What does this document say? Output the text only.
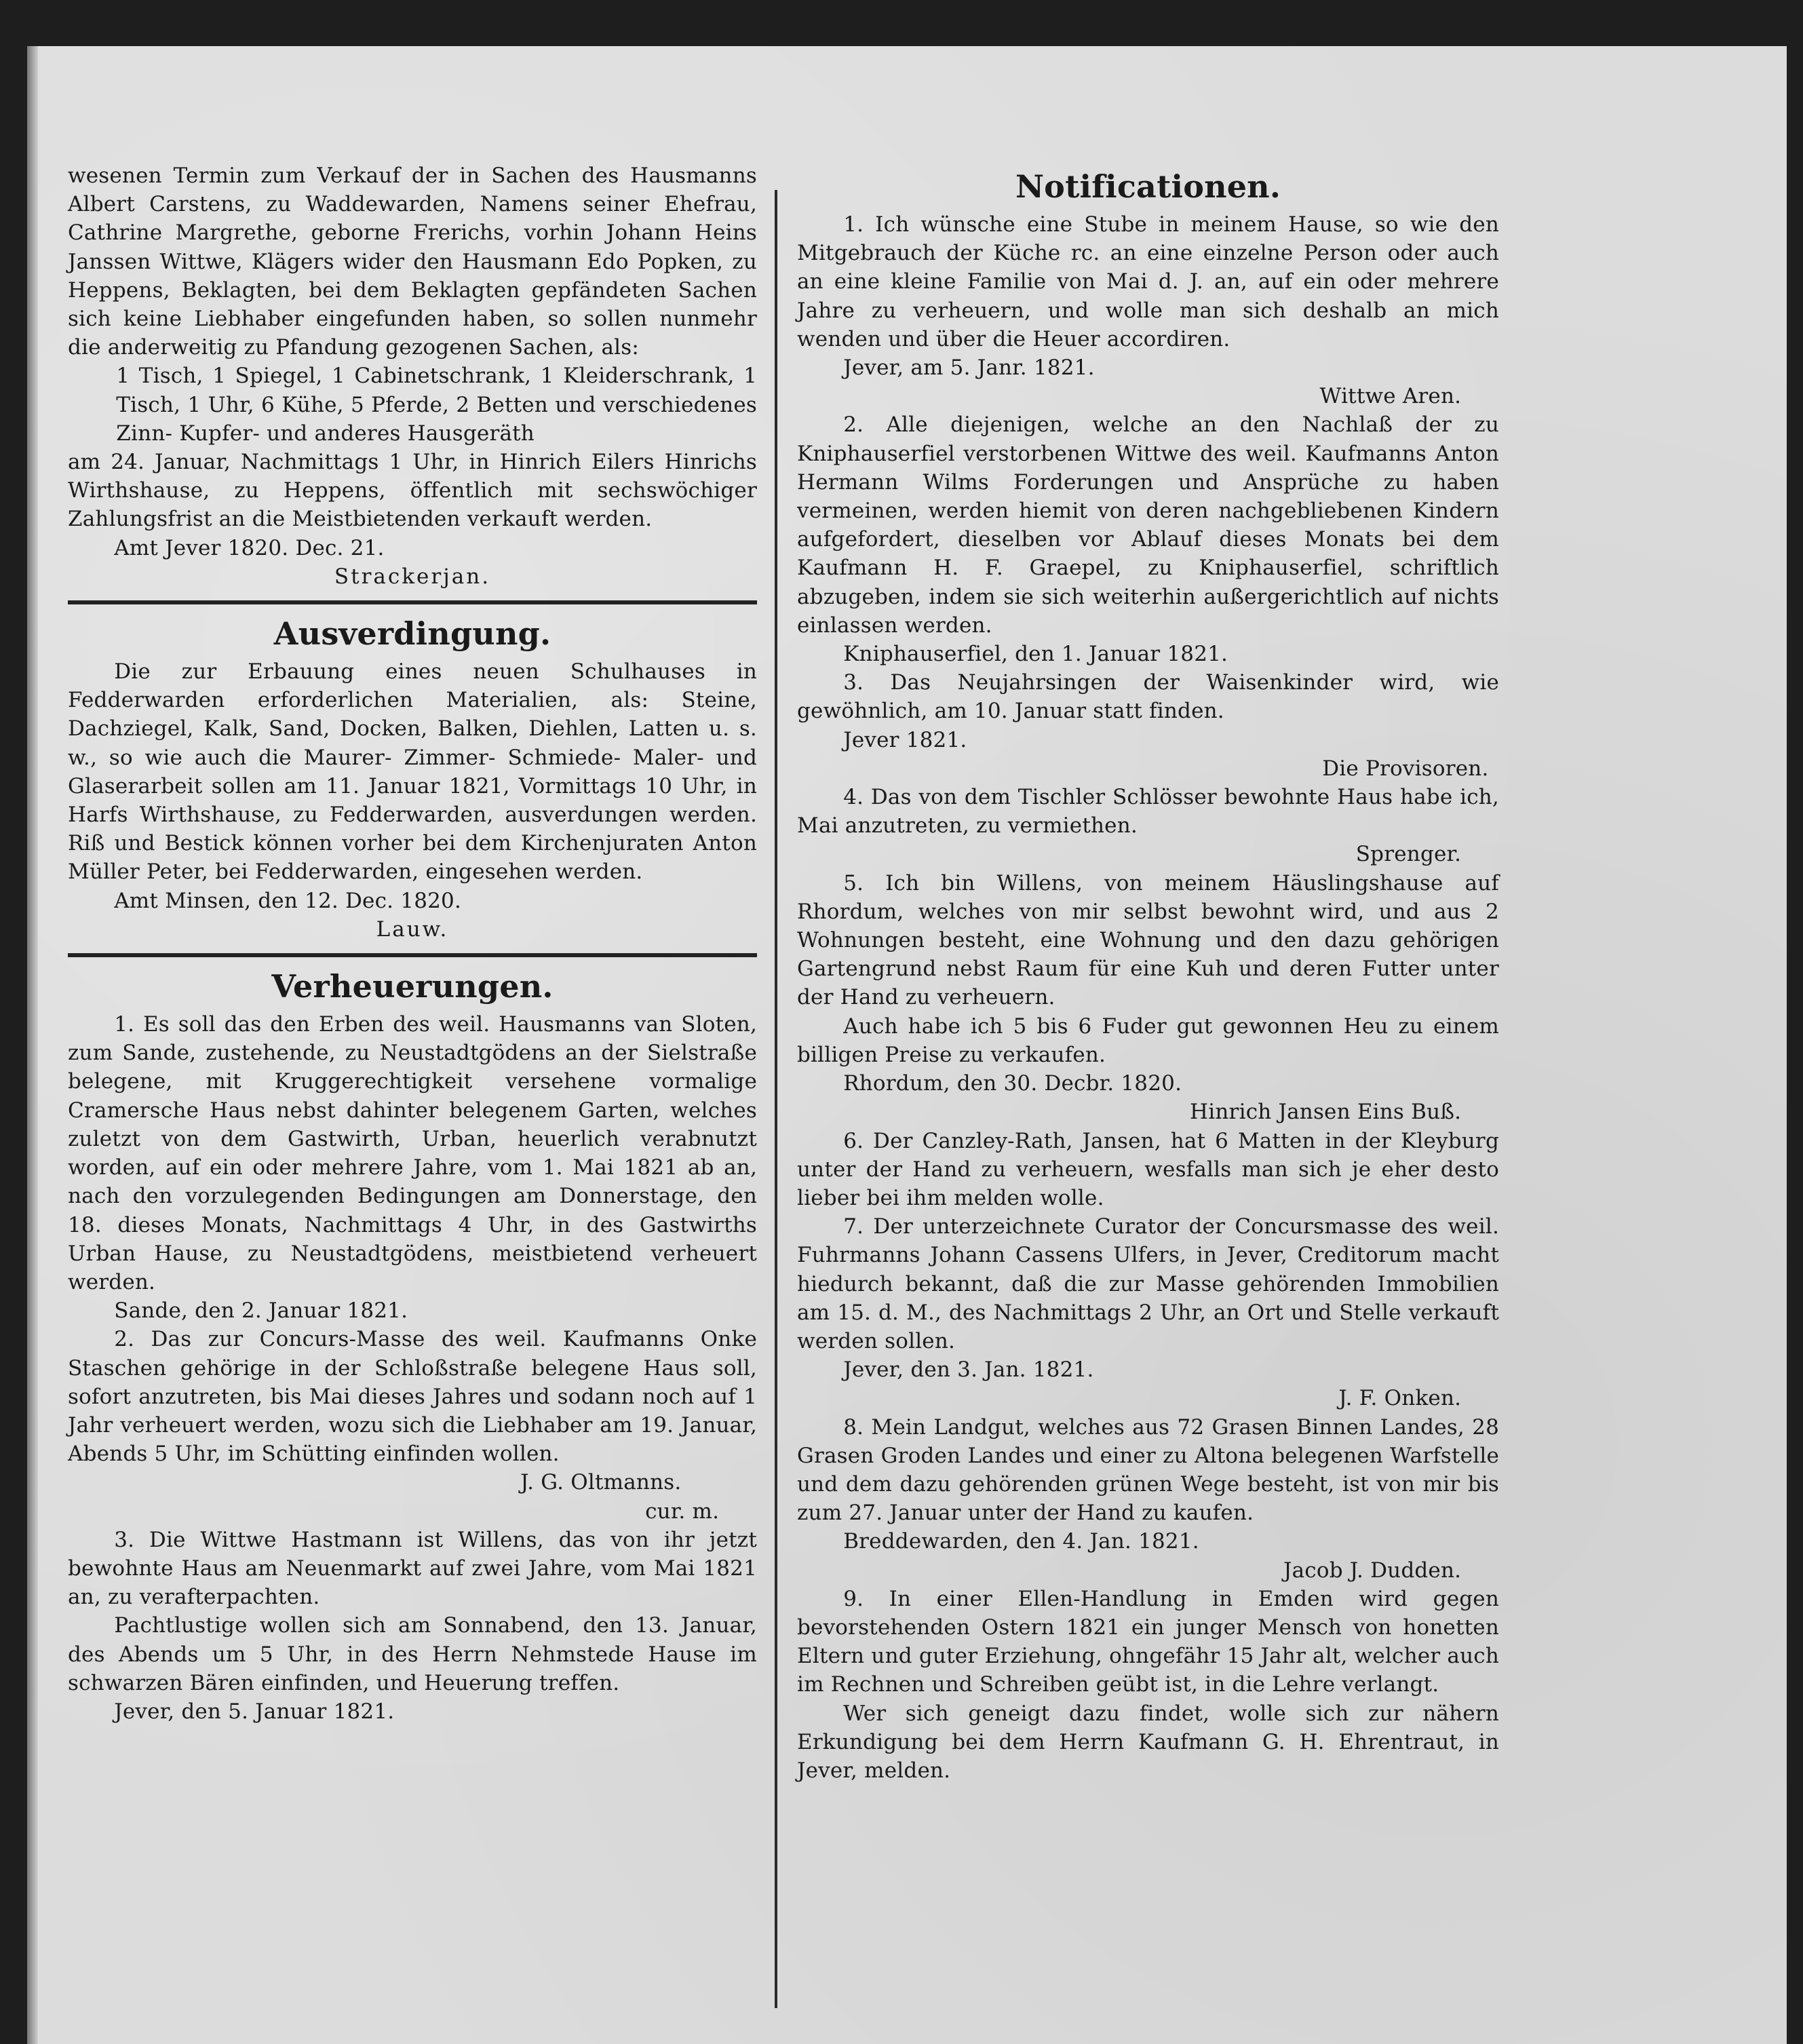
wesenen Termin zum Verkauf der in Sachen des Hausmanns Albert Carstens, zu Waddewarden, Namens seiner Ehefrau, Cathrine Margrethe, geborne Frerichs, vorhin Johann Heins Janssen Wittwe, Klägers wider den Hausmann Edo Popken, zu Heppens, Beklagten, bei dem Beklagten gepfändeten Sachen sich keine Liebhaber eingefunden haben, so sollen nunmehr die anderweitig zu Pfandung gezogenen Sachen, als:

1 Tisch, 1 Spiegel, 1 Cabinetschrank, 1 Kleiderschrank, 1 Tisch, 1 Uhr, 6 Kühe, 5 Pferde, 2 Betten und verschiedenes Zinn- Kupfer- und anderes Hausgeräth

am 24. Januar, Nachmittags 1 Uhr, in Hinrich Eilers Hinrichs Wirthshause, zu Heppens, öffentlich mit sechswöchiger Zahlungsfrist an die Meistbietenden verkauft werden.

Amt Jever 1820. Dec. 21.

Strackerjan.

Ausverdingung.

Die zur Erbauung eines neuen Schulhauses in Fedderwarden erforderlichen Materialien, als: Steine, Dachziegel, Kalk, Sand, Docken, Balken, Diehlen, Latten u. s. w., so wie auch die Maurer- Zimmer- Schmiede- Maler- und Glaserarbeit sollen am 11. Januar 1821, Vormittags 10 Uhr, in Harfs Wirthshause, zu Fedderwarden, ausverdungen werden. Riß und Bestick können vorher bei dem Kirchenjuraten Anton Müller Peter, bei Fedderwarden, eingesehen werden.

Amt Minsen, den 12. Dec. 1820.

Lauw.

Verheuerungen.

1. Es soll das den Erben des weil. Hausmanns van Sloten, zum Sande, zustehende, zu Neustadtgödens an der Sielstraße belegene, mit Kruggerechtigkeit versehene vormalige Cramersche Haus nebst dahinter belegenem Garten, welches zuletzt von dem Gastwirth, Urban, heuerlich verabnutzt worden, auf ein oder mehrere Jahre, vom 1. Mai 1821 ab an, nach den vorzulegenden Bedingungen am Donnerstage, den 18. dieses Monats, Nachmittags 4 Uhr, in des Gastwirths Urban Hause, zu Neustadtgödens, meistbietend verheuert werden.

Sande, den 2. Januar 1821.

2. Das zur Concurs-Masse des weil. Kaufmanns Onke Staschen gehörige in der Schloßstraße belegene Haus soll, sofort anzutreten, bis Mai dieses Jahres und sodann noch auf 1 Jahr verheuert werden, wozu sich die Liebhaber am 19. Januar, Abends 5 Uhr, im Schütting einfinden wollen.

J. G. Oltmanns.

cur. m.

3. Die Wittwe Hastmann ist Willens, das von ihr jetzt bewohnte Haus am Neuenmarkt auf zwei Jahre, vom Mai 1821 an, zu verafterpachten.

Pachtlustige wollen sich am Sonnabend, den 13. Januar, des Abends um 5 Uhr, in des Herrn Nehmstede Hause im schwarzen Bären einfinden, und Heuerung treffen.

Jever, den 5. Januar 1821.

Notificationen.

1. Ich wünsche eine Stube in meinem Hause, so wie den Mitgebrauch der Küche rc. an eine einzelne Person oder auch an eine kleine Familie von Mai d. J. an, auf ein oder mehrere Jahre zu verheuern, und wolle man sich deshalb an mich wenden und über die Heuer accordiren.

Jever, am 5. Janr. 1821.

Wittwe Aren.

2. Alle diejenigen, welche an den Nachlaß der zu Kniphauserfiel verstorbenen Wittwe des weil. Kaufmanns Anton Hermann Wilms Forderungen und Ansprüche zu haben vermeinen, werden hiemit von deren nachgebliebenen Kindern aufgefordert, dieselben vor Ablauf dieses Monats bei dem Kaufmann H. F. Graepel, zu Kniphauserfiel, schriftlich abzugeben, indem sie sich weiterhin außergerichtlich auf nichts einlassen werden.

Kniphauserfiel, den 1. Januar 1821.

3. Das Neujahrsingen der Waisenkinder wird, wie gewöhnlich, am 10. Januar statt finden.

Jever 1821.

Die Provisoren.

4. Das von dem Tischler Schlösser bewohnte Haus habe ich, Mai anzutreten, zu vermiethen.

Sprenger.

5. Ich bin Willens, von meinem Häuslingshause auf Rhordum, welches von mir selbst bewohnt wird, und aus 2 Wohnungen besteht, eine Wohnung und den dazu gehörigen Gartengrund nebst Raum für eine Kuh und deren Futter unter der Hand zu verheuern.

Auch habe ich 5 bis 6 Fuder gut gewonnen Heu zu einem billigen Preise zu verkaufen.

Rhordum, den 30. Decbr. 1820.

Hinrich Jansen Eins Buß.

6. Der Canzley-Rath, Jansen, hat 6 Matten in der Kleyburg unter der Hand zu verheuern, wesfalls man sich je eher desto lieber bei ihm melden wolle.

7. Der unterzeichnete Curator der Concursmasse des weil. Fuhrmanns Johann Cassens Ulfers, in Jever, Creditorum macht hiedurch bekannt, daß die zur Masse gehörenden Immobilien am 15. d. M., des Nachmittags 2 Uhr, an Ort und Stelle verkauft werden sollen.

Jever, den 3. Jan. 1821.

J. F. Onken.

8. Mein Landgut, welches aus 72 Grasen Binnen Landes, 28 Grasen Groden Landes und einer zu Altona belegenen Warfstelle und dem dazu gehörenden grünen Wege besteht, ist von mir bis zum 27. Januar unter der Hand zu kaufen.

Breddewarden, den 4. Jan. 1821.

Jacob J. Dudden.

9. In einer Ellen-Handlung in Emden wird gegen bevorstehenden Ostern 1821 ein junger Mensch von honetten Eltern und guter Erziehung, ohngefähr 15 Jahr alt, welcher auch im Rechnen und Schreiben geübt ist, in die Lehre verlangt.

Wer sich geneigt dazu findet, wolle sich zur nähern Erkundigung bei dem Herrn Kaufmann G. H. Ehrentraut, in Jever, melden.
